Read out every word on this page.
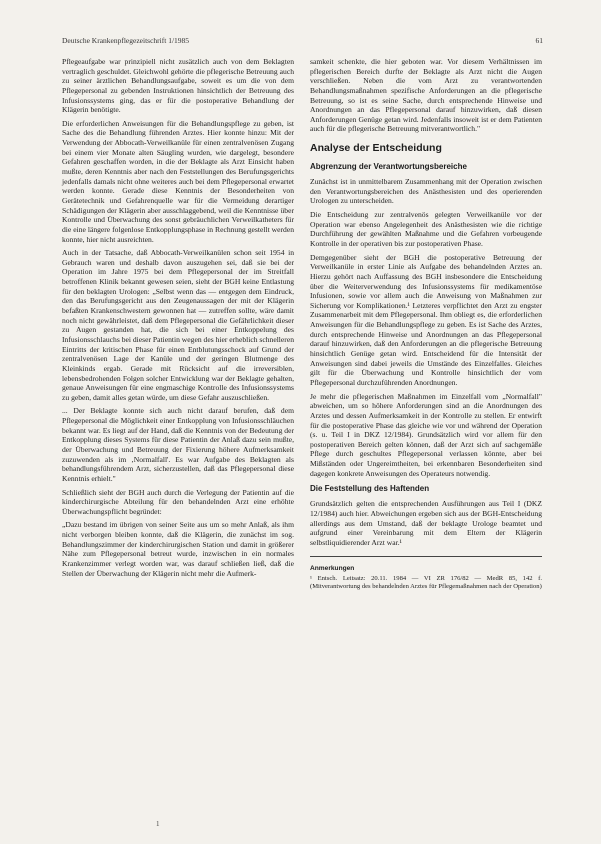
Deutsche Krankenpflegezeitschrift 1/1985	61

Pflegeaufgabe war prinzipiell nicht zusätzlich auch von dem Beklagten vertraglich geschuldet. Gleichwohl gehörte die pflegerische Betreuung auch zu seiner ärztlichen Behandlungsaufgabe, soweit es um die von dem Pflegepersonal zu gebenden Instruktionen hinsichtlich der Betreuung des Infusionssystems ging, das er für die postoperative Behandlung der Klägerin benötigte.

Die erforderlichen Anweisungen für die Behandlungspflege zu geben, ist Sache des die Behandlung führenden Arztes. Hier konnte hinzu: Mit der Verwendung der Abbocath-Verweilkanüle für einen zentralvenösen Zugang bei einem vier Monate alten Säugling wurden, wie dargelegt, besondere Gefahren geschaffen worden, in die der Beklagte als Arzt Einsicht haben mußte, deren Kenntnis aber nach den Feststellungen des Berufungsgerichts jedenfalls damals nicht ohne weiteres auch bei dem Pflegepersonal erwartet werden konnte. Gerade diese Kenntnis der Besonderheiten von Gerätetechnik und Gefahrenquelle war für die Vermeidung derartiger Schädigungen der Klägerin aber ausschlaggebend, weil die Kenntnisse über Kontrolle und Überwachung des sonst gebräuchlichen Verweilkatheters für die eine längere folgenlose Entkopplungsphase in Rechnung gestellt werden konnte, hier nicht ausreichten.

Auch in der Tatsache, daß Abbocath-Verweilkanülen schon seit 1954 in Gebrauch waren und deshalb davon auszugehen sei, daß sie bei der Operation im Jahre 1975 bei dem Pflegepersonal der im Streitfall betroffenen Klinik bekannt gewesen seien, sieht der BGH keine Entlastung für den beklagten Urologen: „Selbst wenn das — entgegen dem Eindruck, den das Berufungsgericht aus den Zeugenaussagen der mit der Klägerin befaßten Krankenschwestern gewonnen hat — zutreffen sollte, wäre damit noch nicht gewährleistet, daß dem Pflegepersonal die Gefährlichkeit dieser zu Augen gestanden hat, die sich bei einer Entkoppelung des Infusionsschlauchs bei dieser Patientin wegen des hier erheblich schnelleren Eintritts der kritischen Phase für einen Entblutungsschock auf Grund der zentralvenösen Lage der Kanüle und der geringen Blutmenge des Kleinkinds ergab. Gerade mit Rücksicht auf die irreversiblen, lebensbedrohenden Folgen solcher Entwicklung war der Beklagte gehalten, genaue Anweisungen für eine engmaschige Kontrolle des Infusionssystems zu geben, damit alles getan würde, um diese Gefahr auszuschließen.

... Der Beklagte konnte sich auch nicht darauf berufen, daß dem Pflegepersonal die Möglichkeit einer Entkopplung von Infusionsschläuchen bekannt war. Es liegt auf der Hand, daß die Kenntnis von der Bedeutung der Entkopplung dieses Systems für diese Patientin der Anlaß dazu sein mußte, der Überwachung und Betreuung der Fixierung höhere Aufmerksamkeit zuzuwenden als im ‚Normalfall'. Es war Aufgabe des Beklagten als behandlungsführendem Arzt, sicherzustellen, daß das Pflegepersonal diese Kenntnis erhielt."

Schließlich sieht der BGH auch durch die Verlegung der Patientin auf die kinderchirurgische Abteilung für den behandelnden Arzt eine erhöhte Überwachungspflicht begründet:

„Dazu bestand im übrigen von seiner Seite aus um so mehr Anlaß, als ihm nicht verborgen bleiben konnte, daß die Klägerin, die zunächst im sog. Behandlungszimmer der kinderchirurgischen Station und damit in größerer Nähe zum Pflegepersonal betreut wurde, inzwischen in ein normales Krankenzimmer verlegt worden war, was darauf schließen ließ, daß die Stellen der Überwachung der Klägerin nicht mehr die Aufmerk-

samkeit schenkte, die hier geboten war. Vor diesem Verhältnissen im pflegerischen Bereich durfte der Beklagte als Arzt nicht die Augen verschließen. Neben die vom Arzt zu verantwortenden Behandlungsmaßnahmen spezifische Anforderungen an die pflegerische Betreuung, so ist es seine Sache, durch entsprechende Hinweise und Anordnungen an das Pflegepersonal darauf hinzuwirken, daß diesen Anforderungen Genüge getan wird. Jedenfalls insoweit ist er dem Patienten auch für die pflegerische Betreuung mitverantwortlich."

Analyse der Entscheidung
Abgrenzung der Verantwortungsbereiche

Zunächst ist in unmittelbarem Zusammenhang mit der Operation zwischen den Verantwortungsbereichen des Anästhesisten und des operierenden Urologen zu unterscheiden.

Die Entscheidung zur zentralvenös gelegten Verweilkanüle vor der Operation war ebenso Angelegenheit des Anästhesisten wie die richtige Durchführung der gewählten Maßnahme und die Gefahren vorbeugende Kontrolle in der operativen bis zur postoperativen Phase.

Demgegenüber sieht der BGH die postoperative Betreuung der Verweilkanüle in erster Linie als Aufgabe des behandelnden Arztes an. Hierzu gehört nach Auffassung des BGH insbesondere die Entscheidung über die Weiterverwendung des Infusionssystems für medikamentöse Infusionen, sowie vor allem auch die Anweisung von Maßnahmen zur Sicherung vor Komplikationen.¹ Letzteres verpflichtet den Arzt zu engster Zusammenarbeit mit dem Pflegepersonal. Ihm obliegt es, die erforderlichen Anweisungen für die Behandlungspflege zu geben. Es ist Sache des Arztes, durch entsprechende Hinweise und Anordnungen an das Pflegepersonal darauf hinzuwirken, daß den Anforderungen an die pflegerische Betreuung hinsichtlich Genüge getan wird. Entscheidend für die Intensität der Anweisungen sind dabei jeweils die Umstände des Einzelfalles. Gleiches gilt für die Überwachung und Kontrolle hinsichtlich der vom Pflegepersonal durchzuführenden Anordnungen.

Je mehr die pflegerischen Maßnahmen im Einzelfall vom „Normalfall" abweichen, um so höhere Anforderungen sind an die Anordnungen des Arztes und dessen Aufmerksamkeit in der Kontrolle zu stellen. Er entwirft für die postoperative Phase das gleiche wie vor und während der Operation (s. u. Teil I in DKZ 12/1984). Grundsätzlich wird vor allem für den postoperativen Bereich gelten können, daß der Arzt sich auf sachgemäße Pflege durch geschultes Pflegepersonal verlassen könnte, aber bei Mißständen oder Ungereimtheiten, bei erkennbaren Besonderheiten sind dagegen konkrete Anweisungen des Operateurs notwendig.

Die Feststellung des Haftenden

Grundsätzlich gelten die entsprechenden Ausführungen aus Teil I (DKZ 12/1984) auch hier. Abweichungen ergeben sich aus der BGH-Entscheidung allerdings aus dem Umstand, daß der beklagte Urologe beamtet und aufgrund einer Vereinbarung mit dem Eltern der Klägerin selbstliquidierender Arzt war.¹

Anmerkungen

¹ Entsch. Leitsatz: 20.11. 1984 — VI ZR 176/82 — MedR 85, 142 f. (Mitverantwortung des behandelnden Arztes für Pflegemaßnahmen nach der Operation)

1
